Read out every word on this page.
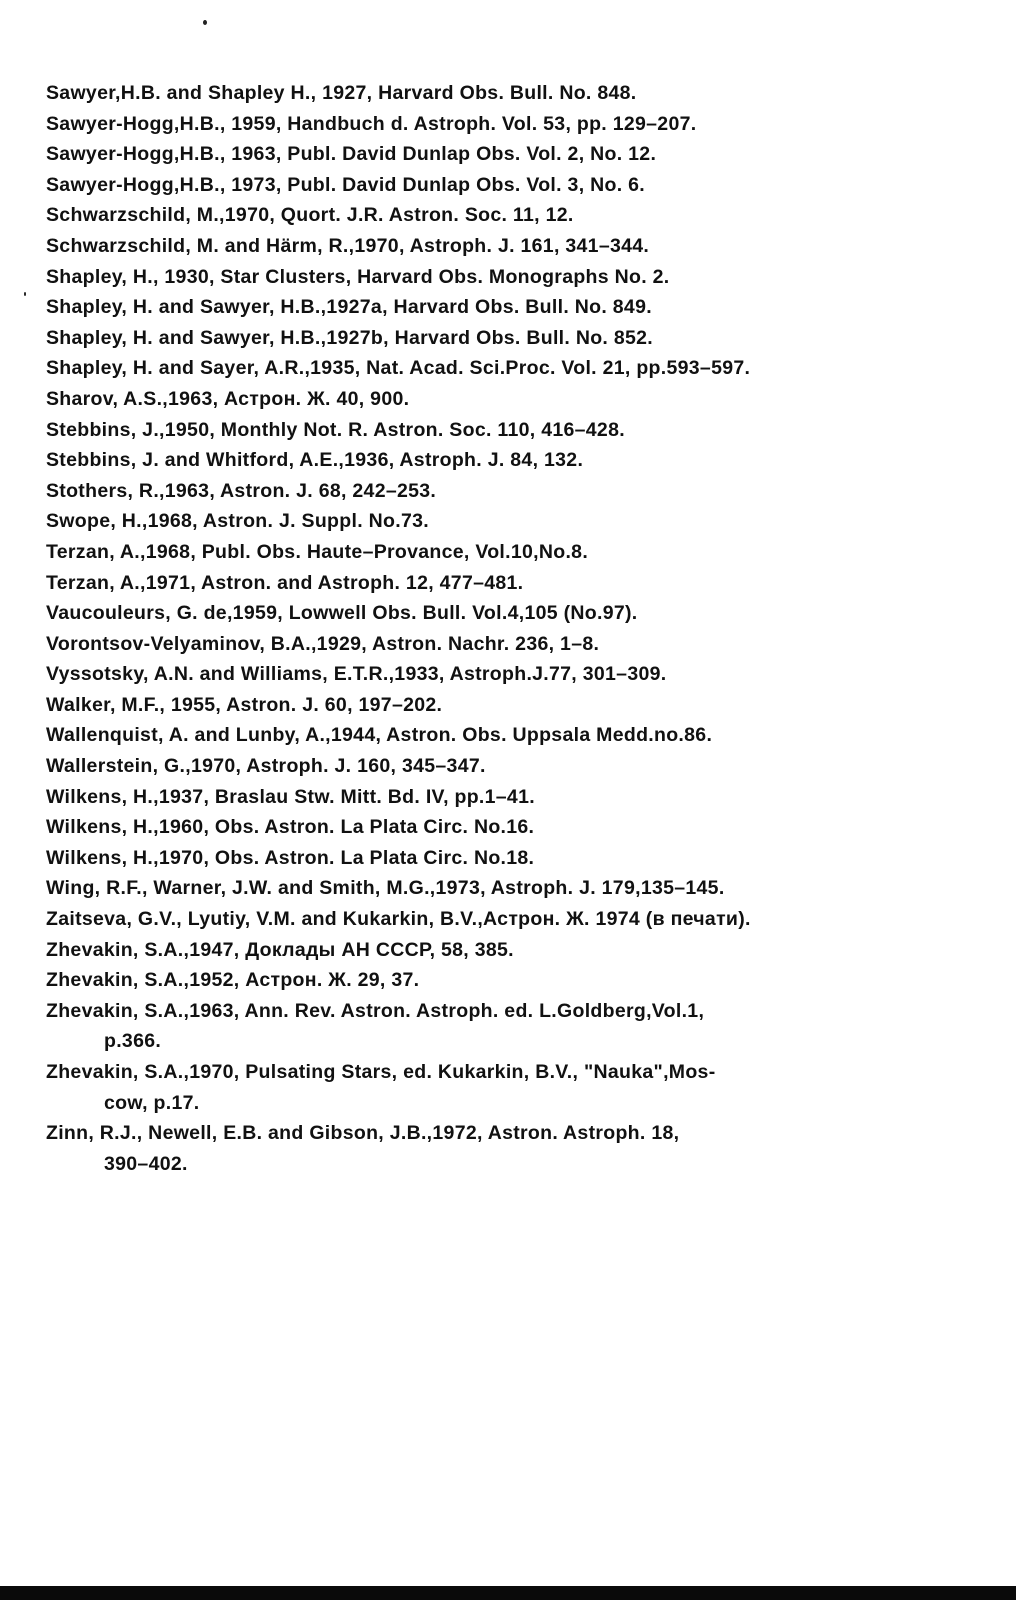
Sawyer,H.B. and Shapley H., 1927, Harvard Obs. Bull. No. 848.
Sawyer-Hogg,H.B., 1959, Handbuch d. Astroph. Vol. 53, pp. 129–207.
Sawyer-Hogg,H.B., 1963, Publ. David Dunlap Obs. Vol. 2, No. 12.
Sawyer-Hogg,H.B., 1973, Publ. David Dunlap Obs. Vol. 3, No. 6.
Schwarzschild, M.,1970, Quort. J.R. Astron. Soc. 11, 12.
Schwarzschild, M. and Härm, R.,1970, Astroph. J. 161, 341–344.
Shapley, H., 1930, Star Clusters, Harvard Obs. Monographs No. 2.
Shapley, H. and Sawyer, H.B.,1927a, Harvard Obs. Bull. No. 849.
Shapley, H. and Sawyer, H.B.,1927b, Harvard Obs. Bull. No. 852.
Shapley, H. and Sayer, A.R.,1935, Nat. Acad. Sci.Proc. Vol. 21, pp.593–597.
Sharov, A.S.,1963, Астрон. Ж. 40, 900.
Stebbins, J.,1950, Monthly Not. R. Astron. Soc. 110, 416–428.
Stebbins, J. and Whitford, A.E.,1936, Astroph. J. 84, 132.
Stothers, R.,1963, Astron. J. 68, 242–253.
Swope, H.,1968, Astron. J. Suppl. No.73.
Terzan, A.,1968, Publ. Obs. Haute–Provance, Vol.10,No.8.
Terzan, A.,1971, Astron. and Astroph. 12, 477–481.
Vaucouleurs, G. de,1959, Lowwell Obs. Bull. Vol.4,105 (No.97).
Vorontsov-Velyaminov, B.A.,1929, Astron. Nachr. 236, 1–8.
Vyssotsky, A.N. and Williams, E.T.R.,1933, Astroph.J.77, 301–309.
Walker, M.F., 1955, Astron. J. 60, 197–202.
Wallenquist, A. and Lunby, A.,1944, Astron. Obs. Uppsala Medd.no.86.
Wallerstein, G.,1970, Astroph. J. 160, 345–347.
Wilkens, H.,1937, Braslau Stw. Mitt. Bd. IV, pp.1–41.
Wilkens, H.,1960, Obs. Astron. La Plata Circ. No.16.
Wilkens, H.,1970, Obs. Astron. La Plata Circ. No.18.
Wing, R.F., Warner, J.W. and Smith, M.G.,1973, Astroph. J. 179,135–145.
Zaitseva, G.V., Lyutiy, V.M. and Kukarkin, B.V.,Астрон. Ж. 1974 (в печати).
Zhevakin, S.A.,1947, Доклады АН СССР, 58, 385.
Zhevakin, S.A.,1952, Астрон. Ж. 29, 37.
Zhevakin, S.A.,1963, Ann. Rev. Astron. Astroph. ed. L.Goldberg,Vol.1,
p.366.
Zhevakin, S.A.,1970, Pulsating Stars, ed. Kukarkin, B.V., "Nauka",Mos-
cow, p.17.
Zinn, R.J., Newell, E.B. and Gibson, J.B.,1972, Astron. Astroph. 18,
390–402.
